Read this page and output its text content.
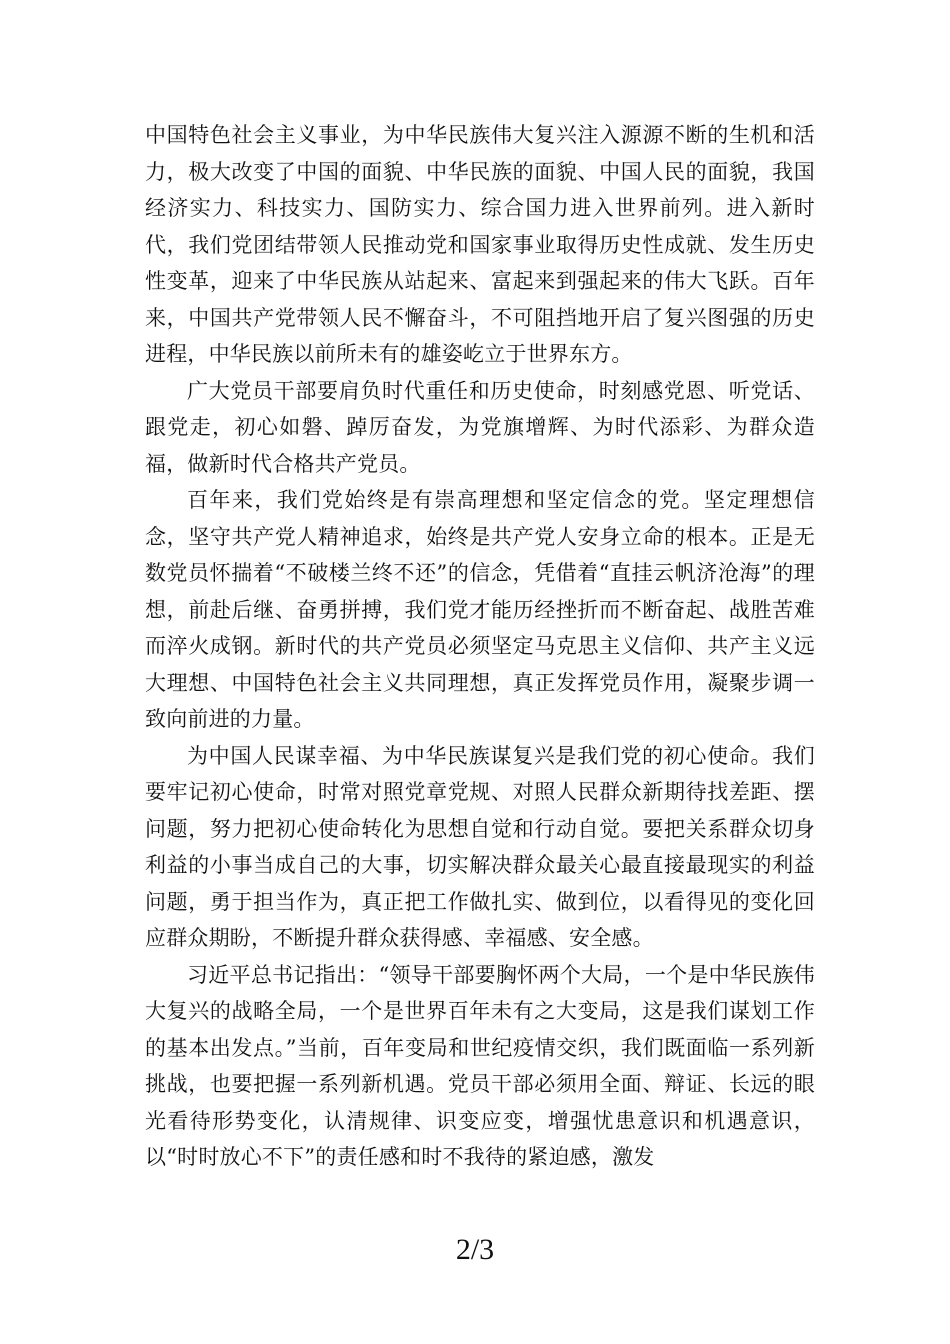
中国特色社会主义事业，为中华民族伟大复兴注入源源不断的生机和活力，极大改变了中国的面貌、中华民族的面貌、中国人民的面貌，我国经济实力、科技实力、国防实力、综合国力进入世界前列。进入新时代，我们党团结带领人民推动党和国家事业取得历史性成就、发生历史性变革，迎来了中华民族从站起来、富起来到强起来的伟大飞跃。百年来，中国共产党带领人民不懈奋斗，不可阻挡地开启了复兴图强的历史进程，中华民族以前所未有的雄姿屹立于世界东方。

广大党员干部要肩负时代重任和历史使命，时刻感党恩、听党话、跟党走，初心如磐、踔厉奋发，为党旗增辉、为时代添彩、为群众造福，做新时代合格共产党员。

百年来，我们党始终是有崇高理想和坚定信念的党。坚定理想信念，坚守共产党人精神追求，始终是共产党人安身立命的根本。正是无数党员怀揣着“不破楼兰终不还”的信念，凭借着“直挂云帆济沧海”的理想，前赴后继、奋勇拼搏，我们党才能历经挫折而不断奋起、战胜苦难而淬火成钢。新时代的共产党员必须坚定马克思主义信仰、共产主义远大理想、中国特色社会主义共同理想，真正发挥党员作用，凝聚步调一致向前进的力量。

为中国人民谋幸福、为中华民族谋复兴是我们党的初心使命。我们要牢记初心使命，时常对照党章党规、对照人民群众新期待找差距、摆问题，努力把初心使命转化为思想自觉和行动自觉。要把关系群众切身利益的小事当成自己的大事，切实解决群众最关心最直接最现实的利益问题，勇于担当作为，真正把工作做扎实、做到位，以看得见的变化回应群众期盼，不断提升群众获得感、幸福感、安全感。

习近平总书记指出：“领导干部要胸怀两个大局，一个是中华民族伟大复兴的战略全局，一个是世界百年未有之大变局，这是我们谋划工作的基本出发点。”当前，百年变局和世纪疫情交织，我们既面临一系列新挑战，也要把握一系列新机遇。党员干部必须用全面、辩证、长远的眼光看待形势变化，认清规律、识变应变，增强忧患意识和机遇意识，以“时时放心不下”的责任感和时不我待的紧迫感，激发

2/3
